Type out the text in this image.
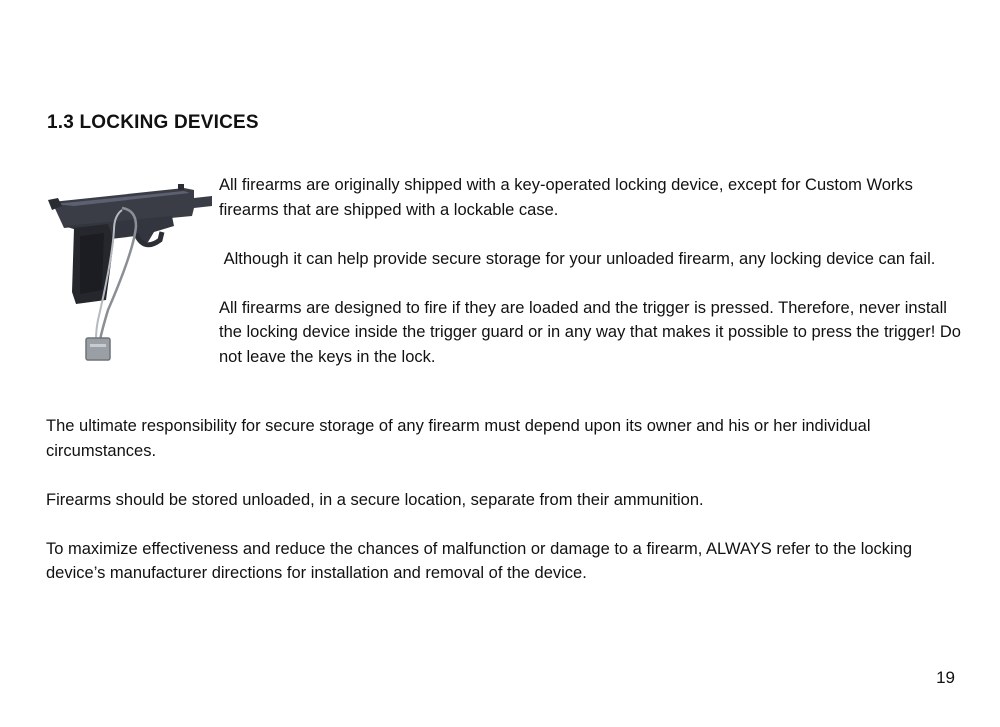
1.3 LOCKING DEVICES

All firearms are originally shipped with a key-operated locking device, except for Custom Works firearms that are shipped with a lockable case.

Although it can help provide secure storage for your unloaded firearm, any locking device can fail.

All firearms are designed to fire if they are loaded and the trigger is pressed. Therefore, never install the locking device inside the trigger guard or in any way that makes it possible to press the trigger! Do not leave the keys in the lock.

The ultimate responsibility for secure storage of any firearm must depend upon its owner and his or her individual circumstances.

Firearms should be stored unloaded, in a secure location, separate from their ammunition.

To maximize effectiveness and reduce the chances of malfunction or damage to a firearm, ALWAYS refer to the locking device’s manufacturer directions for installation and removal of the device.

19
